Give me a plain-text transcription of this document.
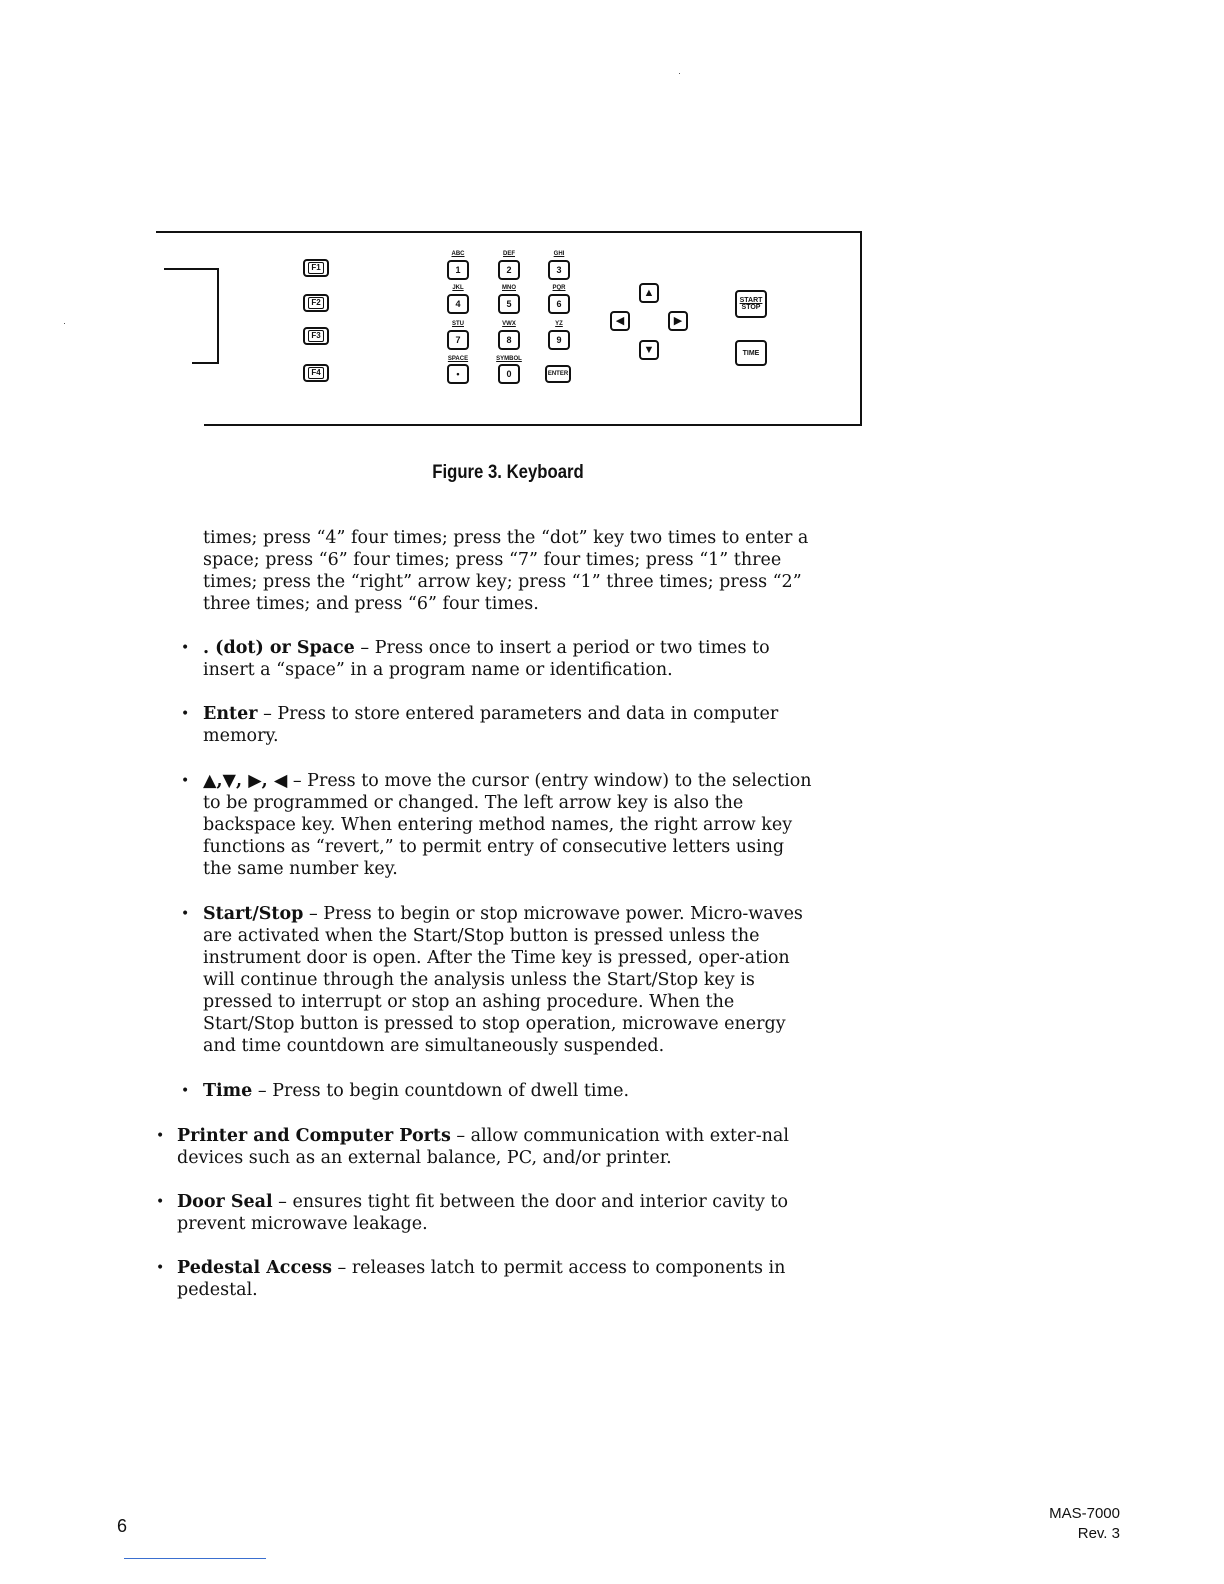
F1
F2
F3
F4
ABC	DEF	GHI
JKL	MNO	PQR
STU	VWX	YZ
SPACE	SYMBOL
1	2	3
4	5	6
7	8	9
•	0	ENTER
▲
◀	▶
▼
START
STOP
TIME
Figure 3. Keyboard

times; press “4” four times; press the “dot” key two times to enter a space; press “6” four times; press “7” four times; press “1” three times; press the “right” arrow key; press “1” three times; press “2” three times; and press “6” four times.

• . (dot) or Space – Press once to insert a period or two times to insert a “space” in a program name or identification.

• Enter – Press to store entered parameters and data in computer memory.

• ▲,▼, ▶, ◀ – Press to move the cursor (entry window) to the selection to be programmed or changed. The left arrow key is also the backspace key. When entering method names, the right arrow key functions as “revert,” to permit entry of consecutive letters using the same number key.

• Start/Stop – Press to begin or stop microwave power. Micro-waves are activated when the Start/Stop button is pressed unless the instrument door is open. After the Time key is pressed, oper-ation will continue through the analysis unless the Start/Stop key is pressed to interrupt or stop an ashing procedure. When the Start/Stop button is pressed to stop operation, microwave energy and time countdown are simultaneously suspended.

• Time – Press to begin countdown of dwell time.

• Printer and Computer Ports – allow communication with exter-nal devices such as an external balance, PC, and/or printer.

• Door Seal – ensures tight fit between the door and interior cavity to prevent microwave leakage.

• Pedestal Access – releases latch to permit access to components in pedestal.

6
MAS-7000
Rev. 3
